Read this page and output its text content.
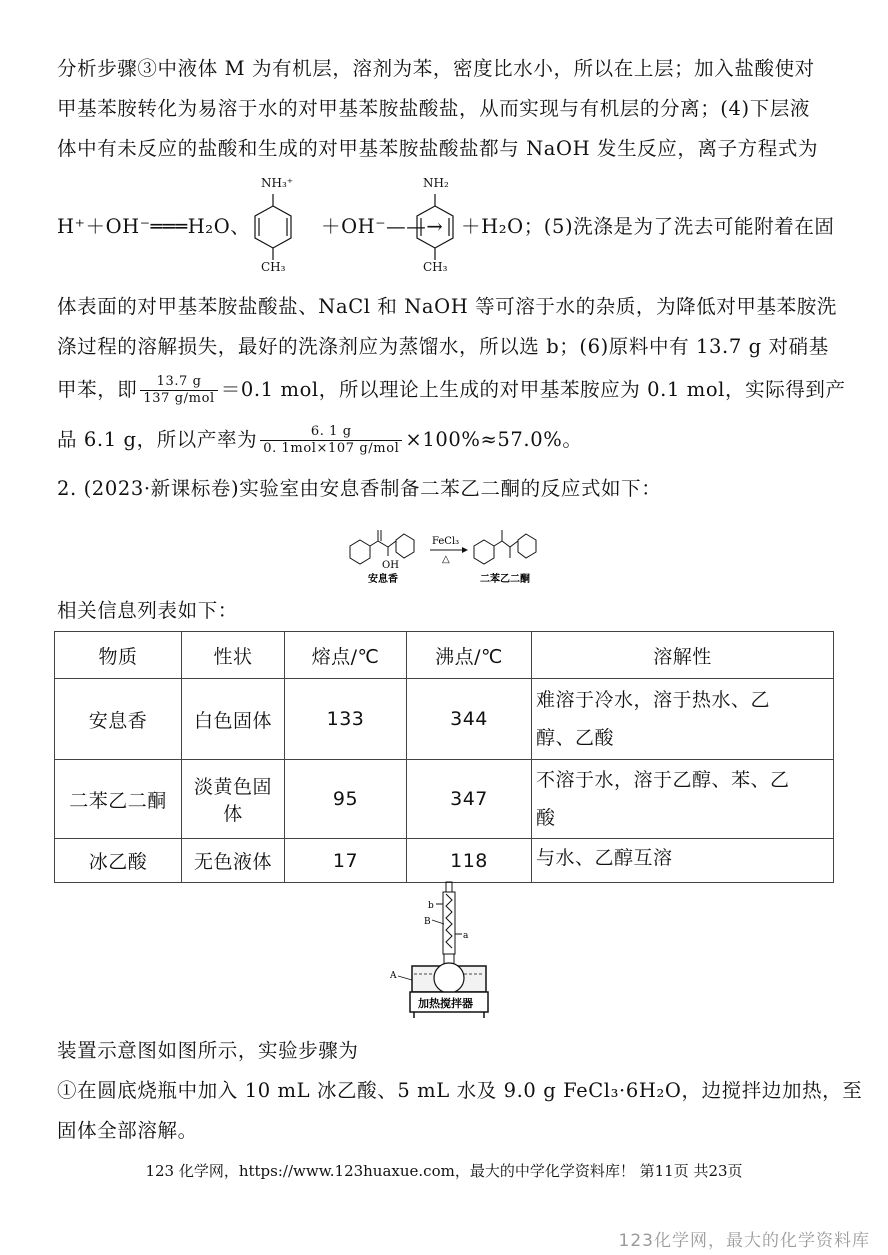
分析步骤③中液体 M 为有机层，溶剂为苯，密度比水小，所以在上层；加入盐酸使对
甲基苯胺转化为易溶于水的对甲基苯胺盐酸盐，从而实现与有机层的分离；(4)下层液
体中有未反应的盐酸和生成的对甲基苯胺盐酸盐都与 NaOH 发生反应，离子方程式为
H⁺＋OH⁻═══H₂O、
NH₃⁺
CH₃
＋OH⁻——→
NH₂
CH₃
＋H₂O；(5)洗涤是为了洗去可能附着在固
体表面的对甲基苯胺盐酸盐、NaCl 和 NaOH 等可溶于水的杂质，为降低对甲基苯胺洗
涤过程的溶解损失，最好的洗涤剂应为蒸馏水，所以选 b；(6)原料中有 13.7 g 对硝基
甲苯，即 $\frac{13.7 g}{\text{137 g/mol}} =0.1$ mol，所以理论上生成的对甲基苯胺应为 0.1 mol，实际得到产
品 6.1 g，所以产率为 $\frac{6. 1 g}{\text{0. 1mol×107 g/mol}} \times 100\%\approx 57.0\%$。
2. (2023·新课标卷)实验室由安息香制备二苯乙二酮的反应式如下：
FeCl₃
△
OH
安息香	二苯乙二酮
相关信息列表如下：
物质	性状	熔点/℃	沸点/℃	溶解性
安息香	白色固体	133	344	难溶于冷水，溶于热水、乙
醇、乙酸
二苯乙二酮	淡黄色固体	95	347	不溶于水，溶于乙醇、苯、乙
酸
冰乙酸	无色液体	17	118	与水、乙醇互溶
a
b
B
A
加热搅拌器
装置示意图如图所示，实验步骤为
①在圆底烧瓶中加入 10 mL 冰乙酸、5 mL 水及 9.0 g FeCl₃·6H₂O，边搅拌边加热，至
固体全部溶解。
123 化学网，https://www.123huaxue.com，最大的中学化学资料库！ 第11页 共23页
123化学网，最大的化学资料库
